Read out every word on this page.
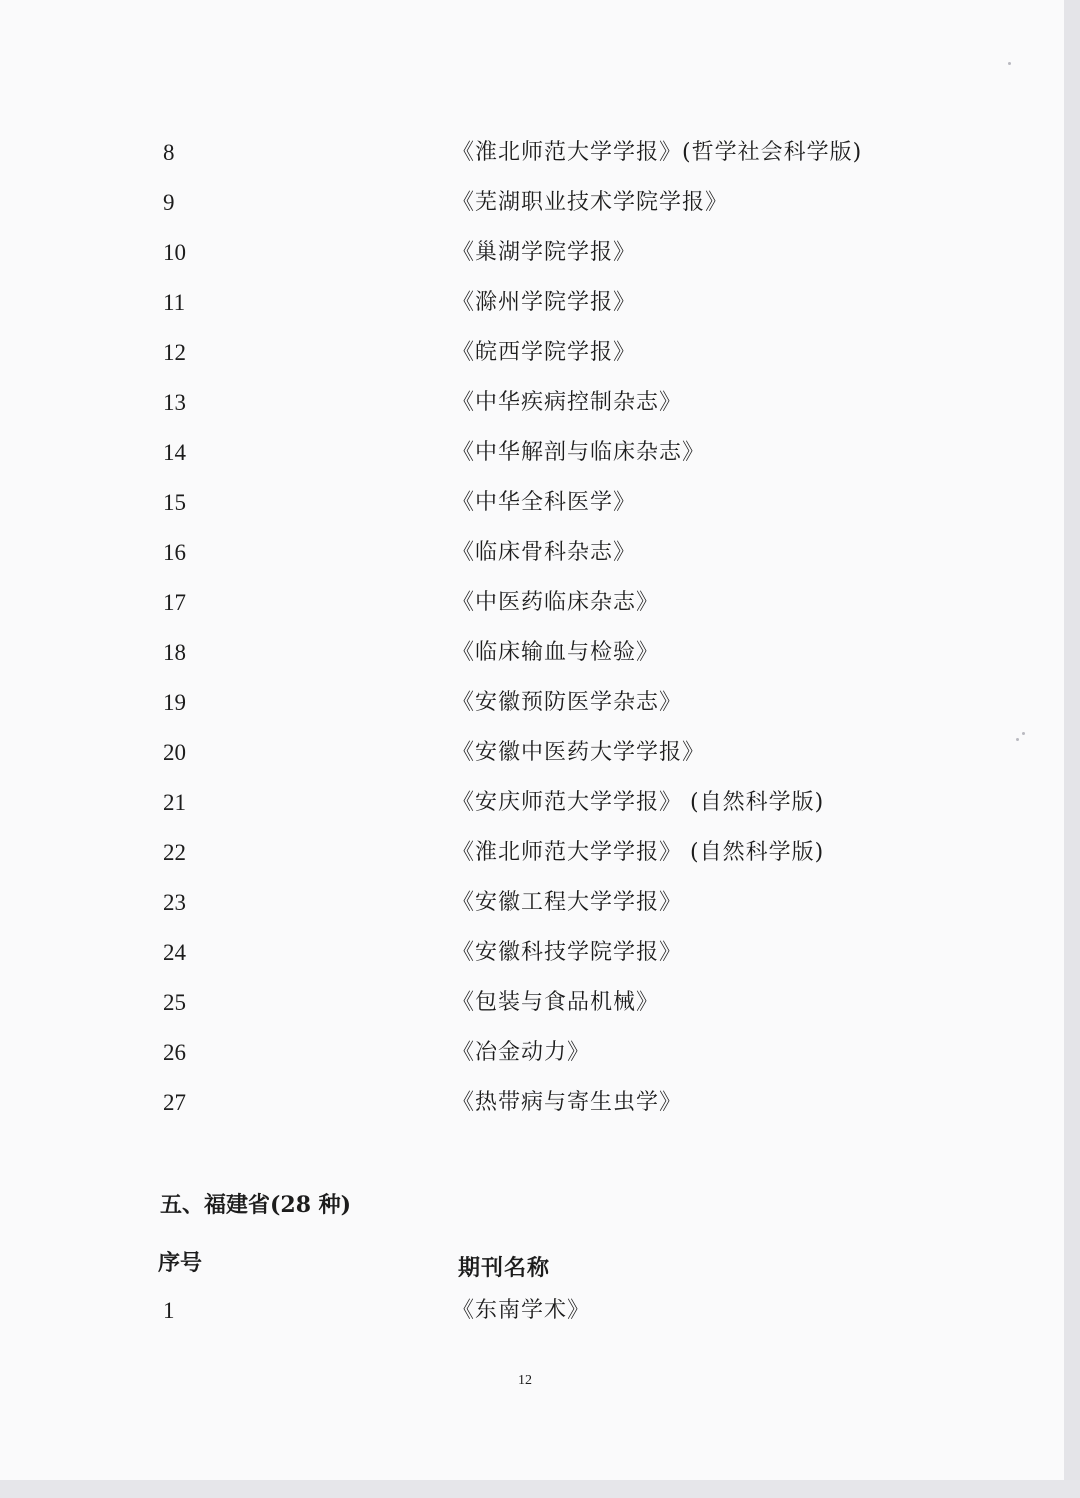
8	《淮北师范大学学报》(哲学社会科学版)
9	《芜湖职业技术学院学报》
10	《巢湖学院学报》
11	《滁州学院学报》
12	《皖西学院学报》
13	《中华疾病控制杂志》
14	《中华解剖与临床杂志》
15	《中华全科医学》
16	《临床骨科杂志》
17	《中医药临床杂志》
18	《临床输血与检验》
19	《安徽预防医学杂志》
20	《安徽中医药大学学报》
21	《安庆师范大学学报》 (自然科学版)
22	《淮北师范大学学报》 (自然科学版)
23	《安徽工程大学学报》
24	《安徽科技学院学报》
25	《包装与食品机械》
26	《冶金动力》
27	《热带病与寄生虫学》
五、福建省(28 种)
序号	期刊名称
1	《东南学术》
12
